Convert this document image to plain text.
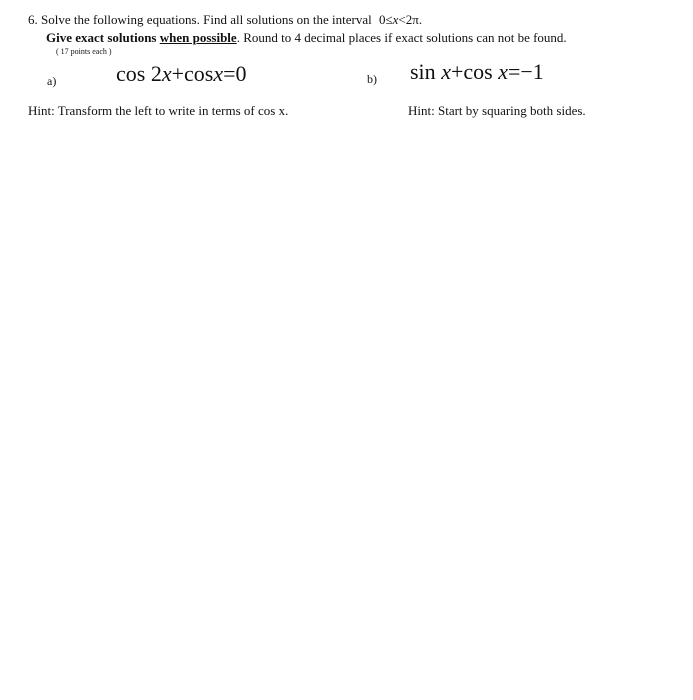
6. Solve the following equations. Find all solutions on the interval 0≤x<2π.
Give exact solutions when possible. Round to 4 decimal places if exact solutions can not be found.
( 17 points each )
a)	cos 2x+cosx=0
Hint: Transform the left to write in terms of cos x.
b) sin x+cos x=−1
Hint: Start by squaring both sides.
